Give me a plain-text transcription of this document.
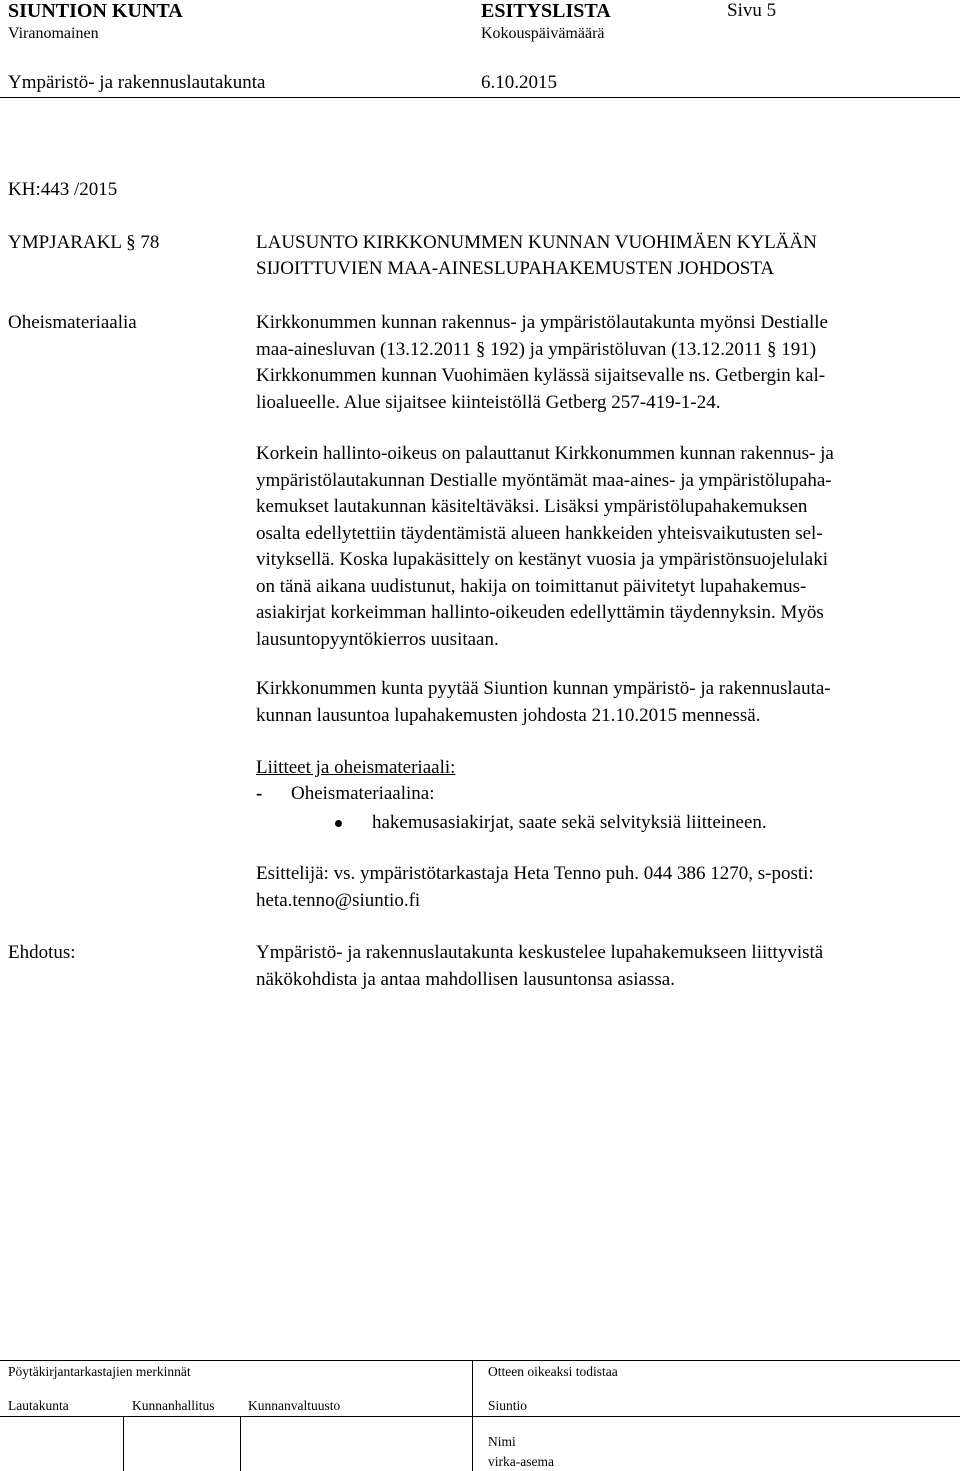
SIUNTION KUNTA	ESITYSLISTA	Sivu 5
Viranomainen	Kokouspäivämäärä
Ympäristö- ja rakennuslautakunta	6.10.2015
KH:443 /2015
YMPJARAKL § 78	LAUSUNTO KIRKKONUMMEN KUNNAN VUOHIMÄEN KYLÄÄN
SIJOITTUVIEN MAA-AINESLUPAHAKEMUSTEN JOHDOSTA
Oheismateriaalia	Kirkkonummen kunnan rakennus- ja ympäristölautakunta myönsi Destialle
maa-ainesluvan (13.12.2011 § 192) ja ympäristöluvan (13.12.2011 § 191)
Kirkkonummen kunnan Vuohimäen kylässä sijaitsevalle ns. Getbergin kal-
lioalueelle. Alue sijaitsee kiinteistöllä Getberg 257-419-1-24.
Korkein hallinto-oikeus on palauttanut Kirkkonummen kunnan rakennus- ja
ympäristölautakunnan Destialle myöntämät maa-aines- ja ympäristölupaha-
kemukset lautakunnan käsiteltäväksi. Lisäksi ympäristölupahakemuksen
osalta edellytettiin täydentämistä alueen hankkeiden yhteisvaikutusten sel-
vityksellä. Koska lupakäsittely on kestänyt vuosia ja ympäristönsuojelulaki
on tänä aikana uudistunut, hakija on toimittanut päivitetyt lupahakemus-
asiakirjat korkeimman hallinto-oikeuden edellyttämin täydennyksin. Myös
lausuntopyyntökierros uusitaan.
Kirkkonummen kunta pyytää Siuntion kunnan ympäristö- ja rakennuslauta-
kunnan lausuntoa lupahakemusten johdosta 21.10.2015 mennessä.
Liitteet ja oheismateriaali:
- Oheismateriaalina:
hakemusasiakirjat, saate sekä selvityksiä liitteineen.
Esittelijä: vs. ympäristötarkastaja Heta Tenno puh. 044 386 1270, s-posti:
heta.tenno@siuntio.fi
Ehdotus:	Ympäristö- ja rakennuslautakunta keskustelee lupahakemukseen liittyvistä
näkökohdista ja antaa mahdollisen lausuntonsa asiassa.
Pöytäkirjantarkastajien merkinnät	Otteen oikeaksi todistaa
Lautakunta	Kunnanhallitus Kunnanvaltuusto	Siuntio
Nimi
virka-asema
